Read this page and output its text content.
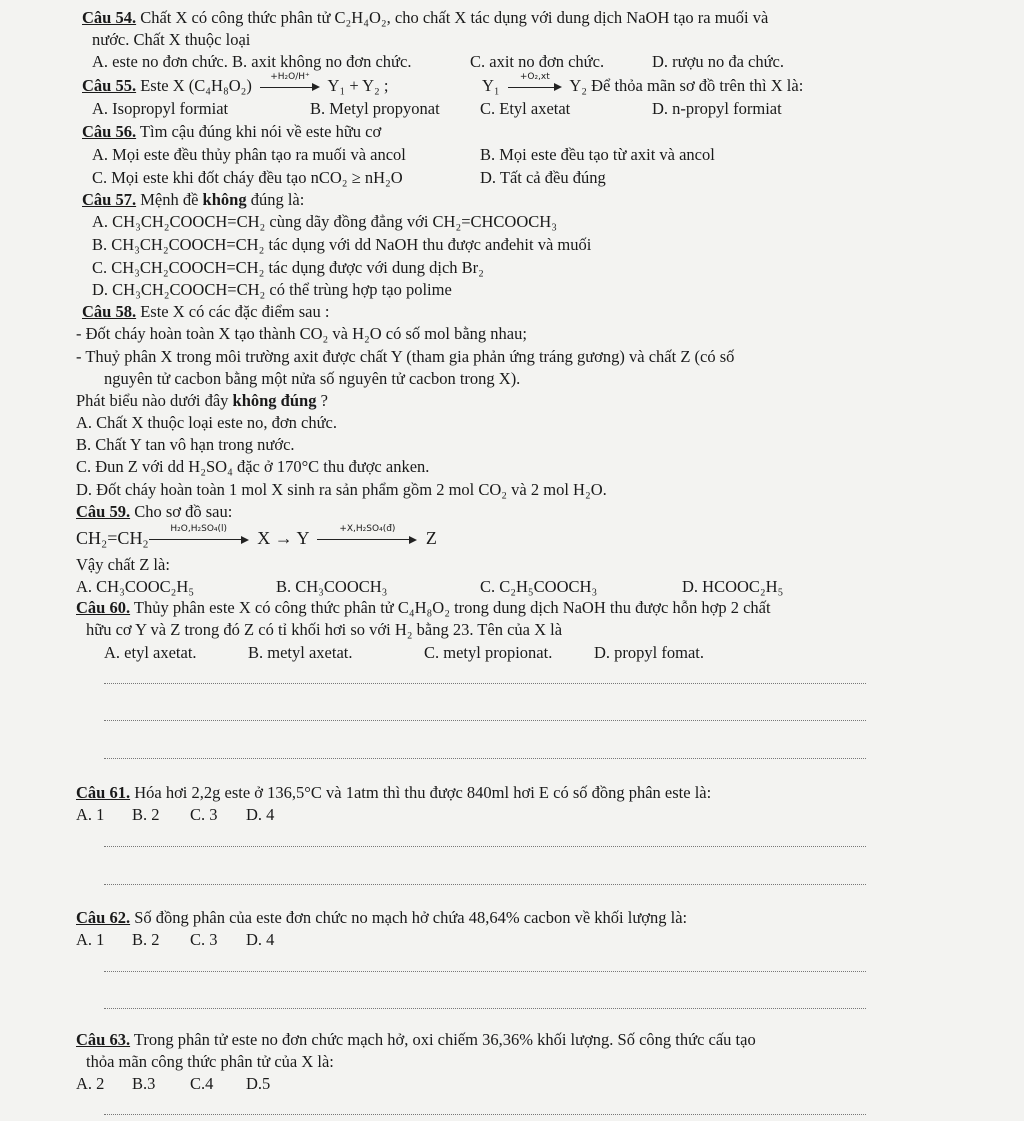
Câu 54. Chất X có công thức phân tử C₂H₄O₂, cho chất X tác dụng với dung dịch NaOH tạo ra muối và
nước. Chất X thuộc loại
A. este no đơn chức. B. axit không no đơn chức.	C. axit no đơn chức.	D. rượu no đa chức.
Câu 55. Este X (C₄H₈O₂)	+H₂O/H⁺	Y₁ + Y₂ ;	Y₁	+O₂,xt	Y₂ Để thỏa mãn sơ đồ trên thì X là:
A. Isopropyl formiat	B. Metyl propyonat C. Etyl axetat	D. n-propyl formiat
Câu 56. Tìm cậu đúng khi nói về este hữu cơ
A. Mọi este đều thủy phân tạo ra muối và ancol	B. Mọi este đều tạo từ axit và ancol
C. Mọi este khi đốt cháy đều tạo nCO₂ ≥ nH₂O	D. Tất cả đều đúng
Câu 57. Mệnh đề không đúng là:
A. CH₃CH₂COOCH=CH₂ cùng dãy đồng đẳng với CH₂=CHCOOCH₃
B. CH₃CH₂COOCH=CH₂ tác dụng với dd NaOH thu được anđehit và muối
C. CH₃CH₂COOCH=CH₂ tác dụng được với dung dịch Br₂
D. CH₃CH₂COOCH=CH₂ có thể trùng hợp tạo polime
Câu 58. Este X có các đặc điểm sau :
- Đốt cháy hoàn toàn X tạo thành CO₂ và H₂O có số mol bằng nhau;
- Thuỷ phân X trong môi trường axit được chất Y (tham gia phản ứng tráng gương) và chất Z (có số
nguyên tử cacbon bằng một nửa số nguyên tử cacbon trong X).
Phát biểu nào dưới đây không đúng ?
A. Chất X thuộc loại este no, đơn chức.
B. Chất Y tan vô hạn trong nước.
C. Đun Z với dd H₂SO₄ đặc ở 170°C thu được anken.
D. Đốt cháy hoàn toàn 1 mol X sinh ra sản phẩm gồm 2 mol CO₂ và 2 mol H₂O.
Câu 59. Cho sơ đồ sau:
CH₂=CH₂	H₂O,H₂SO₄(l)	X → Y	+X,H₂SO₄(đ)	Z
Vậy chất Z là:
A. CH₃COOC₂H₅	B. CH₃COOCH₃	C. C₂H₅COOCH₃	D. HCOOC₂H₅
Câu 60. Thủy phân este X có công thức phân tử C₄H₈O₂ trong dung dịch NaOH thu được hỗn hợp 2 chất
hữu cơ Y và Z trong đó Z có tỉ khối hơi so với H₂ bằng 23. Tên của X là
A. etyl axetat.	B. metyl axetat.	C. metyl propionat.	D. propyl fomat.
Câu 61. Hóa hơi 2,2g este ở 136,5°C và 1atm thì thu được 840ml hơi E có số đồng phân este là:
A. 1 B. 2 C. 3 D. 4
Câu 62. Số đồng phân của este đơn chức no mạch hở chứa 48,64% cacbon về khối lượng là:
A. 1 B. 2 C. 3 D. 4
Câu 63. Trong phân tử este no đơn chức mạch hở, oxi chiếm 36,36% khối lượng. Số công thức cấu tạo
thỏa mãn công thức phân tử của X là:
A. 2 B.3 C.4 D.5
